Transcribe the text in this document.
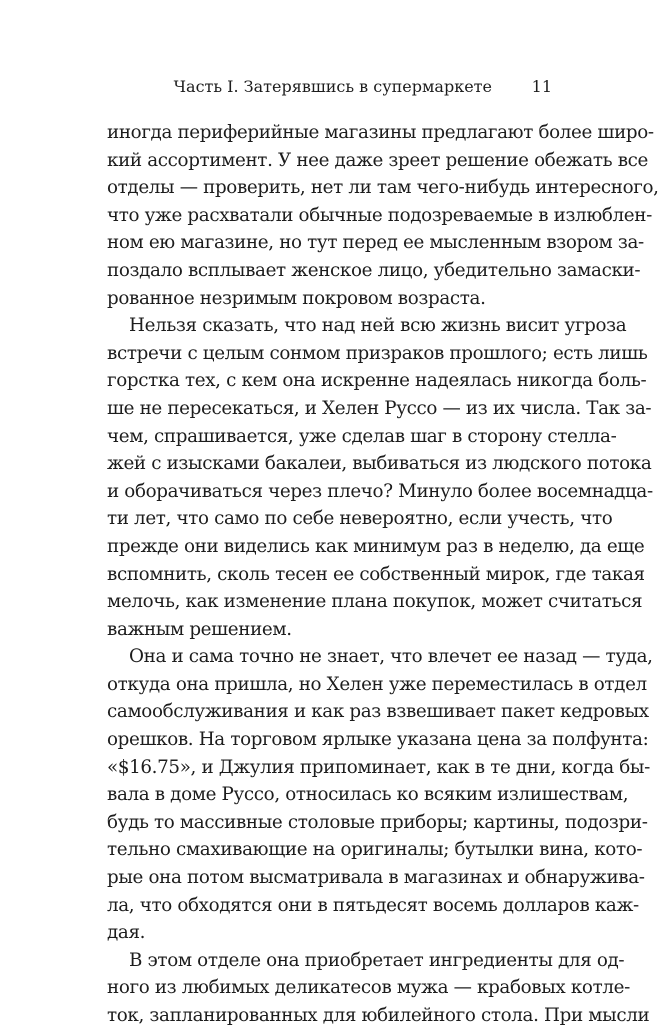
Часть I. Затерявшись в супермаркете 11
иногда периферийные магазины предлагают более широ-
кий ассортимент. У нее даже зреет решение обежать все
отделы — проверить, нет ли там чего-нибудь интересного,
что уже расхватали обычные подозреваемые в излюблен-
ном ею магазине, но тут перед ее мысленным взором за-
поздало всплывает женское лицо, убедительно замаски-
рованное незримым покровом возраста.
Нельзя сказать, что над ней всю жизнь висит угроза
встречи с целым сонмом призраков прошлого; есть лишь
горстка тех, с кем она искренне надеялась никогда боль-
ше не пересекаться, и Хелен Руссо — из их числа. Так за-
чем, спрашивается, уже сделав шаг в сторону стелла-
жей с изысками бакалеи, выбиваться из людского потока
и оборачиваться через плечо? Минуло более восемнадца-
ти лет, что само по себе невероятно, если учесть, что
прежде они виделись как минимум раз в неделю, да еще
вспомнить, сколь тесен ее собственный мирок, где такая
мелочь, как изменение плана покупок, может считаться
важным решением.
Она и сама точно не знает, что влечет ее назад — туда,
откуда она пришла, но Хелен уже переместилась в отдел
самообслуживания и как раз взвешивает пакет кедровых
орешков. На торговом ярлыке указана цена за полфунта:
«$16.75», и Джулия припоминает, как в те дни, когда бы-
вала в доме Руссо, относилась ко всяким излишествам,
будь то массивные столовые приборы; картины, подозри-
тельно смахивающие на оригиналы; бутылки вина, кото-
рые она потом высматривала в магазинах и обнаружива-
ла, что обходятся они в пятьдесят восемь долларов каж-
дая.
В этом отделе она приобретает ингредиенты для од-
ного из любимых деликатесов мужа — крабовых котле-
ток, запланированных для юбилейного стола. При мысли
